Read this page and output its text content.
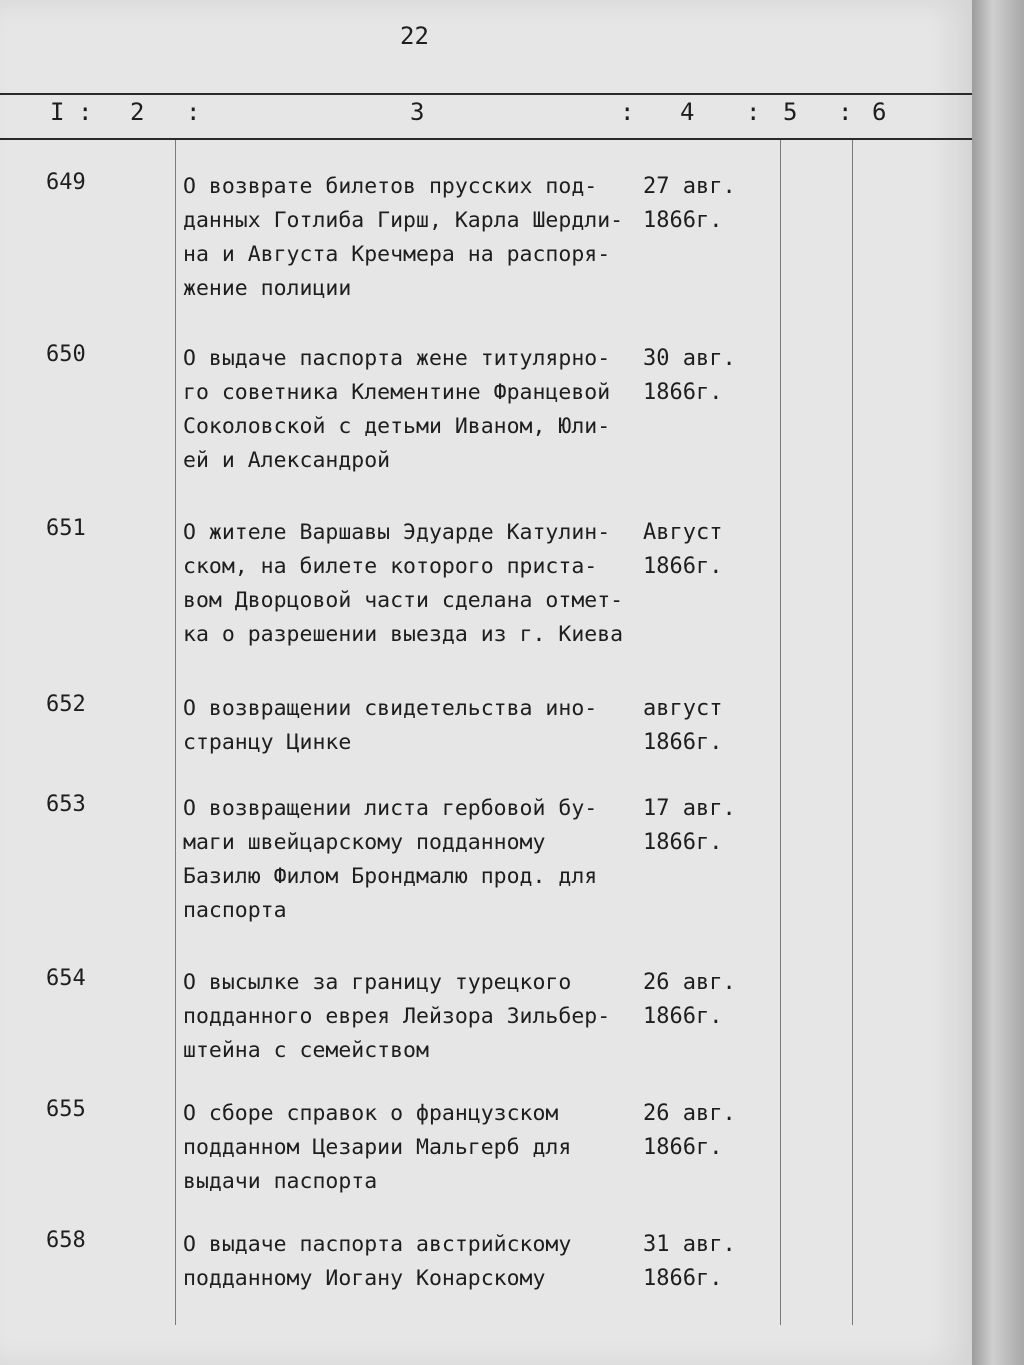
22
I : 2 :	3	: 4 : 5 : 6

649	О возврате билетов прусских под-
данных Готлиба Гирш, Карла Шердли-
на и Августа Кречмера на распоря-
жение полиции
27 авг.
1866г.
650	О выдаче паспорта жене титулярно-
го советника Клементине Францевой
Соколовской с детьми Иваном, Юли-
ей и Александрой
30 авг.
1866г.
651	О жителе Варшавы Эдуарде Катулин-
ском, на билете которого приста-
вом Дворцовой части сделана отмет-
ка о разрешении выезда из г. Киева
Август
1866г.
652	О возвращении свидетельства ино-
странцу Цинке
август
1866г.
653	О возвращении листа гербовой бу-
маги швейцарскому подданному
Базилю Филом Брондмалю прод. для
паспорта
17 авг.
1866г.
654	О высылке за границу турецкого
подданного еврея Лейзора Зильбер-
штейна с семейством
26 авг.
1866г.
655	О сборе справок о французском
подданном Цезарии Мальгерб для
выдачи паспорта
26 авг.
1866г.
658	О выдаче паспорта австрийскому
подданному Иогану Конарскому
31 авг.
1866г.
